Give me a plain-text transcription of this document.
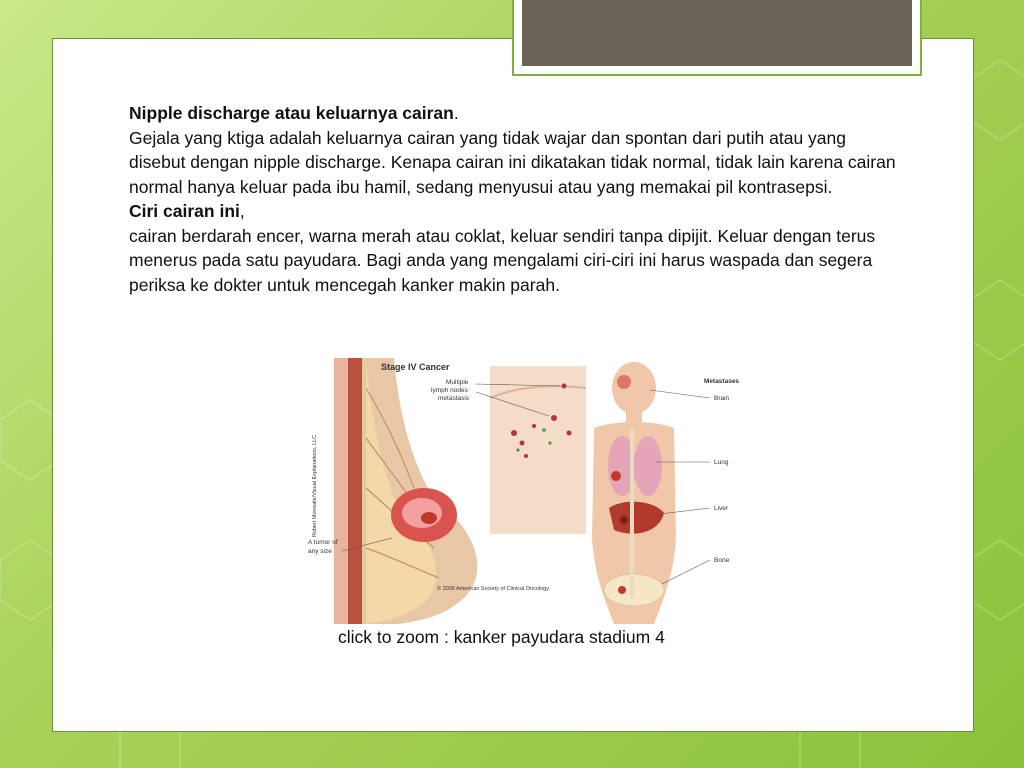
Nipple discharge atau keluarnya cairan.

Gejala yang ktiga adalah keluarnya cairan yang tidak wajar dan spontan dari putih atau yang disebut dengan nipple discharge. Kenapa cairan ini dikatakan tidak normal, tidak lain karena cairan normal hanya keluar pada ibu hamil, sedang menyusui atau yang memakai pil kontrasepsi.

Ciri cairan ini,

cairan berdarah encer, warna merah atau coklat, keluar sendiri tanpa dipijit. Keluar dengan terus menerus pada satu payudara. Bagi anda yang mengalami ciri-ciri ini harus waspada dan segera periksa ke dokter untuk mencegah kanker makin parah.

Robert Morreale/Visual Explanations, LLC
Stage IV Cancer
A tumor of
any size
Multiple
lymph nodes
metastasis
Metastases
Brain
Lung
Liver
Bone
© 2005 American Society of Clinical Oncology
click to zoom : kanker payudara stadium 4
